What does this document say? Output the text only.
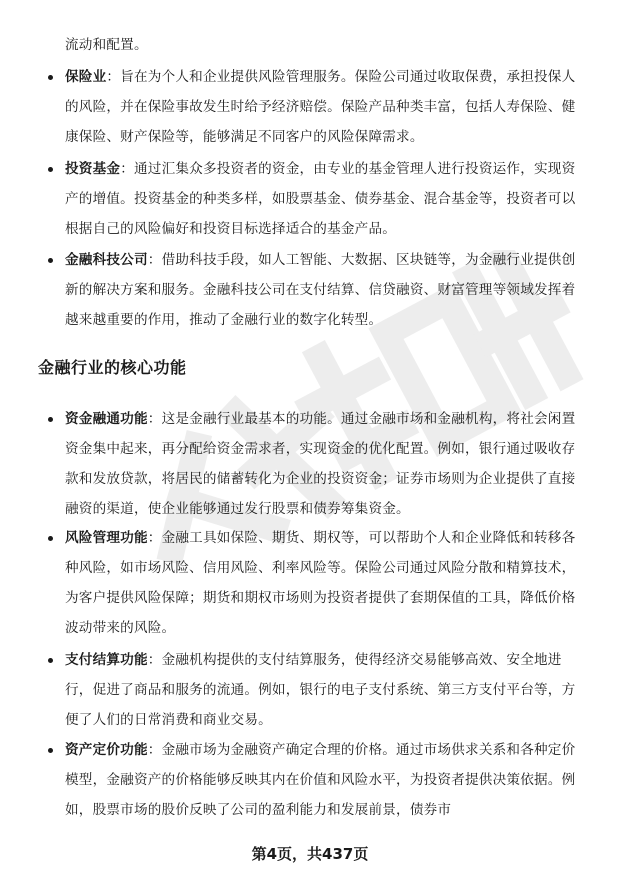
流动和配置。
保险业：旨在为个人和企业提供风险管理服务。保险公司通过收取保费，承担投保人的风险，并在保险事故发生时给予经济赔偿。保险产品种类丰富，包括人寿保险、健康保险、财产保险等，能够满足不同客户的风险保障需求。
投资基金：通过汇集众多投资者的资金，由专业的基金管理人进行投资运作，实现资产的增值。投资基金的种类多样，如股票基金、债券基金、混合基金等，投资者可以根据自己的风险偏好和投资目标选择适合的基金产品。
金融科技公司：借助科技手段，如人工智能、大数据、区块链等，为金融行业提供创新的解决方案和服务。金融科技公司在支付结算、信贷融资、财富管理等领域发挥着越来越重要的作用，推动了金融行业的数字化转型。
金融行业的核心功能
资金融通功能：这是金融行业最基本的功能。通过金融市场和金融机构，将社会闲置资金集中起来，再分配给资金需求者，实现资金的优化配置。例如，银行通过吸收存款和发放贷款，将居民的储蓄转化为企业的投资资金；证券市场则为企业提供了直接融资的渠道，使企业能够通过发行股票和债券筹集资金。
风险管理功能：金融工具如保险、期货、期权等，可以帮助个人和企业降低和转移各种风险，如市场风险、信用风险、利率风险等。保险公司通过风险分散和精算技术，为客户提供风险保障；期货和期权市场则为投资者提供了套期保值的工具，降低价格波动带来的风险。
支付结算功能：金融机构提供的支付结算服务，使得经济交易能够高效、安全地进行，促进了商品和服务的流通。例如，银行的电子支付系统、第三方支付平台等，方便了人们的日常消费和商业交易。
资产定价功能：金融市场为金融资产确定合理的价格。通过市场供求关系和各种定价模型，金融资产的价格能够反映其内在价值和风险水平，为投资者提供决策依据。例如，股票市场的股价反映了公司的盈利能力和发展前景，债券市
第4页，共437页
